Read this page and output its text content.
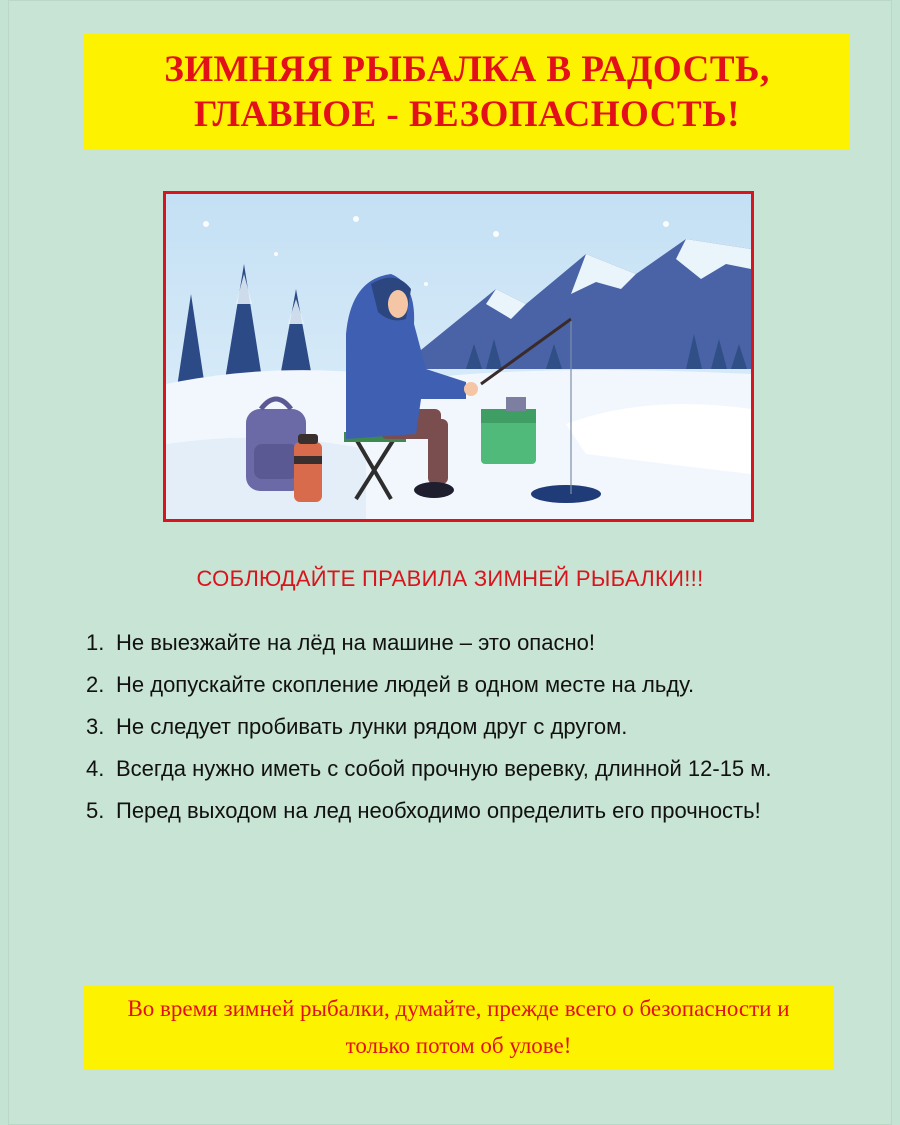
ЗИМНЯЯ РЫБАЛКА В РАДОСТЬ,
ГЛАВНОЕ - БЕЗОПАСНОСТЬ!
СОБЛЮДАЙТЕ ПРАВИЛА ЗИМНЕЙ РЫБАЛКИ!!!
1. Не выезжайте на лёд на машине – это опасно!
2. Не допускайте скопление людей в одном месте на льду.
3. Не следует пробивать лунки рядом друг с другом.
4. Всегда нужно иметь с собой прочную веревку, длинной 12-15 м.
5. Перед выходом на лед необходимо определить его прочность!
Во время зимней рыбалки, думайте, прежде всего о безопасности и только потом об улове!
